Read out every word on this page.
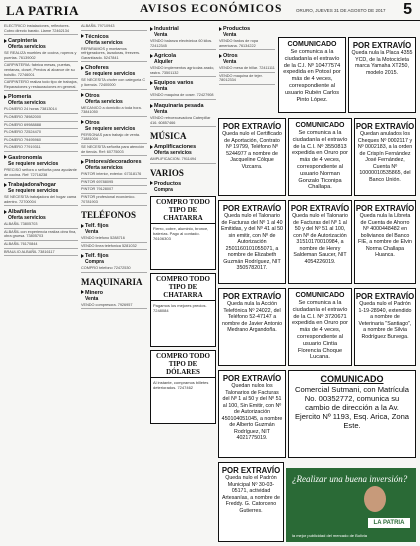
LA PATRIA	AVISOS ECONÓMICOS	ORURO, JUEVES 31 DE AGOSTO DE 2017 5
ELECTRICO instalaciones, reflectores. Cobro directo barato. Llame 72462134
Carpintería
Oferta servicios
SE REALIZA muebles de cocina, roperos y puertas. 76139002
CARPINTERIA: fabrica mesas, puertas, ventanas, closet, Precios al alcance de su bolsillo. 72746001
CARPINTERO realiza todo tipo de trabajos, Reparaciones y restauraciones en general.
Plomería
Oferta servicios
PLOMERO 24 horas 73813014
PLOMERO 78982000
PLOMERO 69988888
PLOMERO 72524470
PLOMERO 79495960
PLOMERO 77919311
Gastronomía
Se requiere servicios
PRECISO señora o señorita para ayudante de cocina. Ref: 72716238
Trabajadora/hogar
Se requiere servicios
SE NECESITA trabajadora del hogar cama adentro. 72700004
Albañilería
Oferta servicios
ALBAÑIL 73805703
ALBAÑIL con experiencia realiza obra fina, obra gruesa. 73805703
ALBAÑIL 76170844
BRAULIO ALBAÑIL 73816117
ALBAÑIL 79710943
Técnicos
Oferta servicios
REPARAMOS y montamos refrigeradores, lavadoras, freezers. Garantizado. 5247841
Choferes
Se requiere servicios
SE NECESITA chofer con categoría C y licencia. 72400000
Otros
Oferta servicios
MECANICO a domicilio a toda hora. 73841050
Otros
Se requiere servicios
PERSONAS para trabajo de venta. 71881004
SE NECESITA señorita para atención de tienda. Ref: 60775003
Pintores/decoradores
Oferta servicios
PINTOR interior, exterior. 67318176
PINTOR 69788095
PINTOR 79128007
PINTOR profesional económico. 70781903
TELÉFONOS
Telf. fijos
Venta
VENDO telefono 5288716
VENDO linea telefonica 5281032
Telf. fijos
Compra
COMPRO telefono 72472530
MAQUINARIA
Minero
Venta
VENDO compresora. 7926957
Industrial
Venta
VENDO balanza electrónica 60 kilos. 72412345
Agrícola
Alquiler
VENDO implementos agrícolas arado, rastra. 73501132
Equipos varios
Venta
VENDO maquina de coser. 72427908
Maquinaria pesada
Venta
VENDO retroexcavadora Caterpillar 416. 60857466
MÚSICA
Amplificaciones
Oferta servicios
AMPLIFICACION. 7911494
VARIOS
Productos
Compra
COMPRO TODO TIPO DE CHATARRA
Fierro, cobre, aluminio, bronce, baterías. Pago al contado. 76106303
COMPRO TODO TIPO DE CHATARRA
Pagamos los mejores precios. 7248084
COMPRO TODO TIPO DE DÓLARES
Al instante, compramos billetes deteriorados. 7247462
Productos
Venta
VENDO fardos de ropa americana. 76134222
Otros
Venta
VENDO mesa de billar. 72411111
VENDO maquina de tejer. 78012334
COMUNICADO
Se comunica a la ciudadanía el extravío de la C.I. Nº 10477574 expedida en Potosí por más de 4 veces, correspondiente al usuario Rubén Carlos Pinto López.
POR EXTRAVÍO
Queda nula la Placa 4355 YCD, de la Motocicleta marca Yamaha XT250, modelo 2015.
POR EXTRAVÍO
Queda nulo el Certificado de Aportación, Contrato Nº 19799, Teléfono Nº 5244977 a nombre de Jacqueline Cólque Vizcarra.
COMUNICADO
Se comunica a la ciudadanía el extravío de la C.I. Nº 3550813 expedida en Oruro por más de 4 veces, correspondiente al usuario Norman Gonzalo Ticonipa Challapa.
POR EXTRAVÍO
Quedan anulados los Cheques Nº 0002117 y Nº 0002183, a la orden de Crispín Fernández José Fernández, Cuenta Nº 10000010535865, del Banco Unión.
POR EXTRAVÍO
Queda nulo el Talonario de Facturas del Nº 1 al 40 Emitidas, y del Nº 41 al 50 sin emitir, con Nº de Autorización 2501160101055071, a nombre de Elizabeth Guzmán Rodríguez, NIT 3505782017.
POR EXTRAVÍO
Queda nulo el Talonario de Facturas del Nº 1 al 50 y del Nº 51 al 100, con Nº de Autorización 31510170010984, a nombre de Henry Saldeman Saucer, NIT 4054226019.
POR EXTRAVÍO
Queda nula la Libreta de Cuenta de Ahorro Nº 4000448482 en bolivianos del Banco FIE, a nombre de Elvin Norma Challapa Huanca.
POR EXTRAVÍO
Queda nula la Acción Telefónica Nº 24022, del Teléfono 52-47147 a nombre de Javier Antonio Medrano Argandoña.
COMUNICADO
Se comunica a la ciudadanía el extravío de la C.I. Nº 3720671 expedida en Oruro por más de 4 veces, correspondiente al usuario Cintia Florencia Choque Lucana.
POR EXTRAVÍO
Queda nulo el Padrón 1-19-28940, extendido a nombre de Veterinaria "Santiago", a nombre de Silvia Rodríguez Burvega.
POR EXTRAVÍO
Quedan nulos los Talonarios de Facturas del Nº 1 al 50 y del Nº 51 al 100, Sin Emitir, con Nº de Autorización 450104051045, a nombre de Alberto Guzmán Rodríguez, NIT 4021775019.
COMUNICADO
Comercial Sutmani, con Matrícula No. 00352772, comunica su cambio de dirección a la Av. Ejercito Nº 1193, Esq. Arica, Zona Este.
POR EXTRAVÍO
Queda nulo el Padrón Municipal Nº 30-03-05171, actividad Artesanías, a nombre de Freddy. G. Catorceno Gutierres.
¿Realizar una buena inversión?
LA PATRIA
la mejor publicidad del mercado de Bolivia
